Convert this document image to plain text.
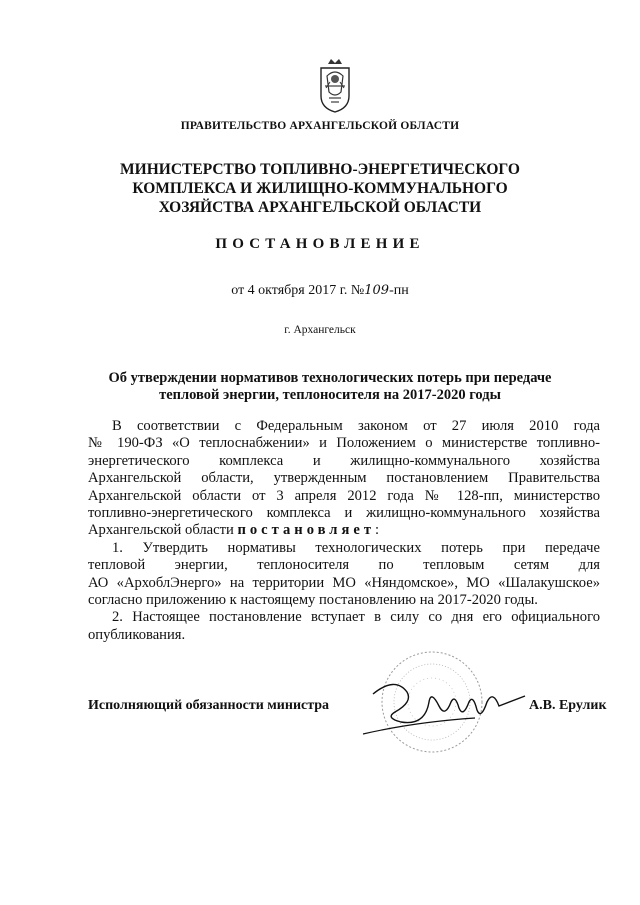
ПРАВИТЕЛЬСТВО АРХАНГЕЛЬСКОЙ ОБЛАСТИ
МИНИСТЕРСТВО ТОПЛИВНО-ЭНЕРГЕТИЧЕСКОГО
КОМПЛЕКСА И ЖИЛИЩНО-КОММУНАЛЬНОГО
ХОЗЯЙСТВА АРХАНГЕЛЬСКОЙ ОБЛАСТИ
ПОСТАНОВЛЕНИЕ
от 4 октября 2017 г. №109-пн
г. Архангельск
Об утверждении нормативов технологических потерь при передаче
тепловой энергии, теплоносителя на 2017-2020 годы
В соответствии с Федеральным законом от 27 июля 2010 года
№ 190-ФЗ «О теплоснабжении» и Положением о министерстве топливно-
энергетического комплекса и жилищно-коммунального хозяйства
Архангельской области, утвержденным постановлением Правительства
Архангельской области от 3 апреля 2012 года № 128-пп, министерство
топливно-энергетического комплекса и жилищно-коммунального хозяйства
Архангельской области постановляет:
1. Утвердить нормативы технологических потерь при передаче
тепловой энергии, теплоносителя по тепловым сетям для
АО «АрхоблЭнерго» на территории МО «Няндомское», МО «Шалакушское»
согласно приложению к настоящему постановлению на 2017-2020 годы.
2. Настоящее постановление вступает в силу со дня его официального
опубликования.
Исполняющий обязанности министра	А.В. Ерулик
